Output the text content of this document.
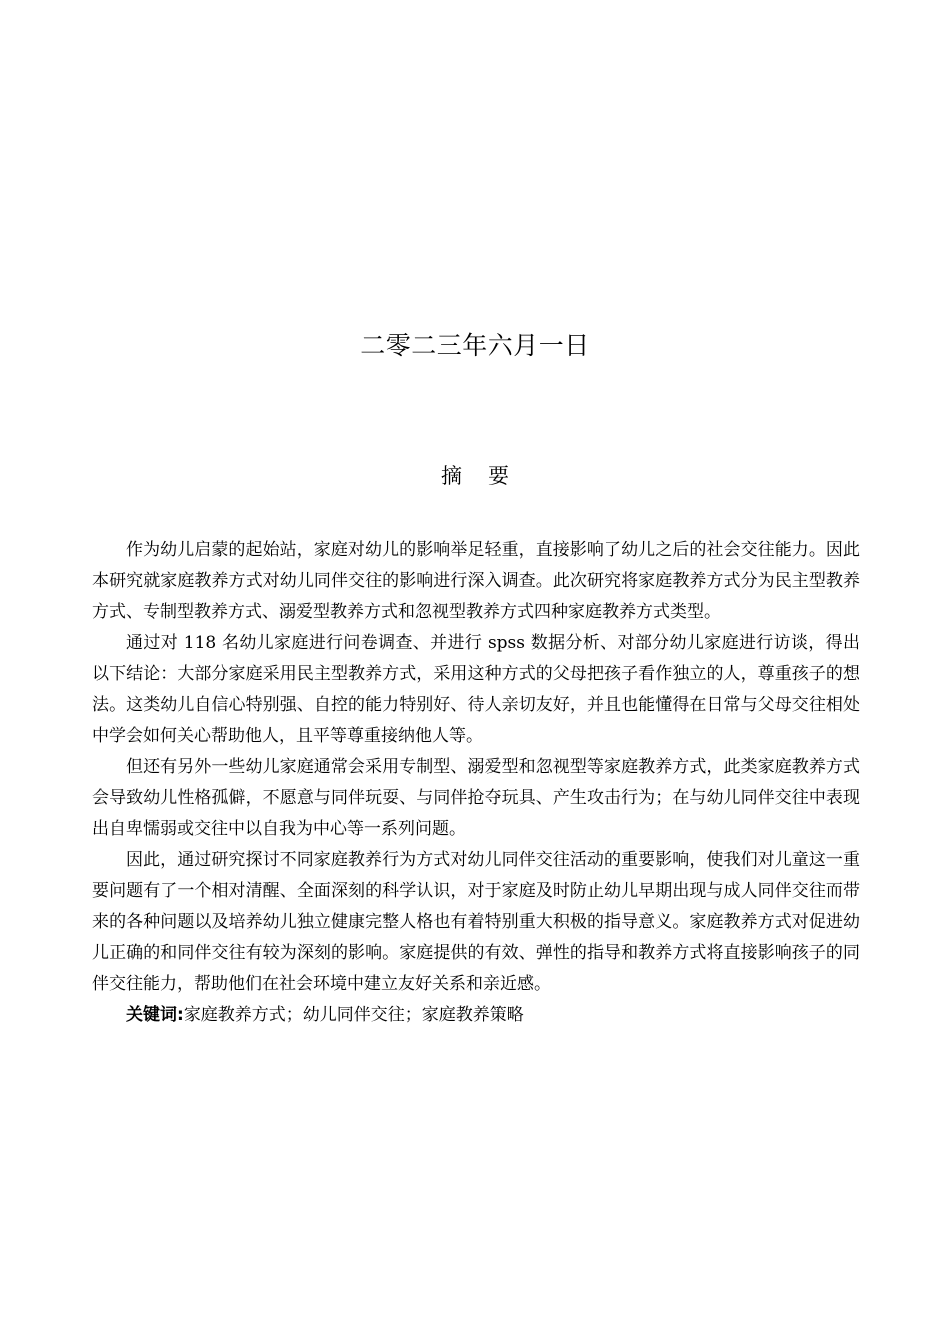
二零二三年六月一日
摘 要

作为幼儿启蒙的起始站，家庭对幼儿的影响举足轻重，直接影响了幼儿之后的社会交往能力。因此本研究就家庭教养方式对幼儿同伴交往的影响进行深入调查。此次研究将家庭教养方式分为民主型教养方式、专制型教养方式、溺爱型教养方式和忽视型教养方式四种家庭教养方式类型。

通过对 118 名幼儿家庭进行问卷调查、并进行 spss 数据分析、对部分幼儿家庭进行访谈，得出以下结论：大部分家庭采用民主型教养方式，采用这种方式的父母把孩子看作独立的人，尊重孩子的想法。这类幼儿自信心特别强、自控的能力特别好、待人亲切友好，并且也能懂得在日常与父母交往相处中学会如何关心帮助他人，且平等尊重接纳他人等。

但还有另外一些幼儿家庭通常会采用专制型、溺爱型和忽视型等家庭教养方式，此类家庭教养方式会导致幼儿性格孤僻，不愿意与同伴玩耍、与同伴抢夺玩具、产生攻击行为；在与幼儿同伴交往中表现出自卑懦弱或交往中以自我为中心等一系列问题。

因此，通过研究探讨不同家庭教养行为方式对幼儿同伴交往活动的重要影响，使我们对儿童这一重要问题有了一个相对清醒、全面深刻的科学认识，对于家庭及时防止幼儿早期出现与成人同伴交往而带来的各种问题以及培养幼儿独立健康完整人格也有着特别重大积极的指导意义。家庭教养方式对促进幼儿正确的和同伴交往有较为深刻的影响。家庭提供的有效、弹性的指导和教养方式将直接影响孩子的同伴交往能力，帮助他们在社会环境中建立友好关系和亲近感。

关键词:家庭教养方式；幼儿同伴交往；家庭教养策略
